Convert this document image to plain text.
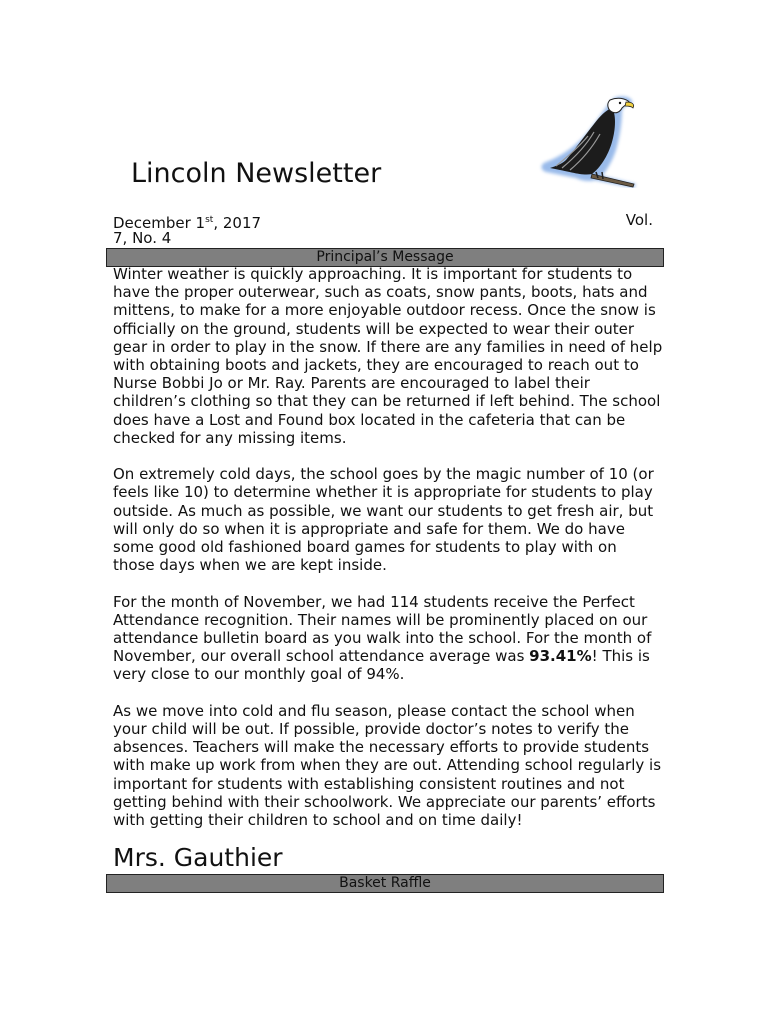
Lincoln Newsletter
December 1st, 2017	Vol.
7, No. 4
Principal’s Message

Winter weather is quickly approaching. It is important for students to have the proper outerwear, such as coats, snow pants, boots, hats and mittens, to make for a more enjoyable outdoor recess. Once the snow is officially on the ground, students will be expected to wear their outer gear in order to play in the snow. If there are any families in need of help with obtaining boots and jackets, they are encouraged to reach out to Nurse Bobbi Jo or Mr. Ray. Parents are encouraged to label their children’s clothing so that they can be returned if left behind. The school does have a Lost and Found box located in the cafeteria that can be checked for any missing items.

On extremely cold days, the school goes by the magic number of 10 (or feels like 10) to determine whether it is appropriate for students to play outside. As much as possible, we want our students to get fresh air, but will only do so when it is appropriate and safe for them. We do have some good old fashioned board games for students to play with on those days when we are kept inside.

For the month of November, we had 114 students receive the Perfect Attendance recognition. Their names will be prominently placed on our attendance bulletin board as you walk into the school. For the month of November, our overall school attendance average was 93.41%! This is very close to our monthly goal of 94%.

As we move into cold and flu season, please contact the school when your child will be out. If possible, provide doctor’s notes to verify the absences. Teachers will make the necessary efforts to provide students with make up work from when they are out. Attending school regularly is important for students with establishing consistent routines and not getting behind with their schoolwork. We appreciate our parents’ efforts with getting their children to school and on time daily!

Mrs. Gauthier
Basket Raffle
